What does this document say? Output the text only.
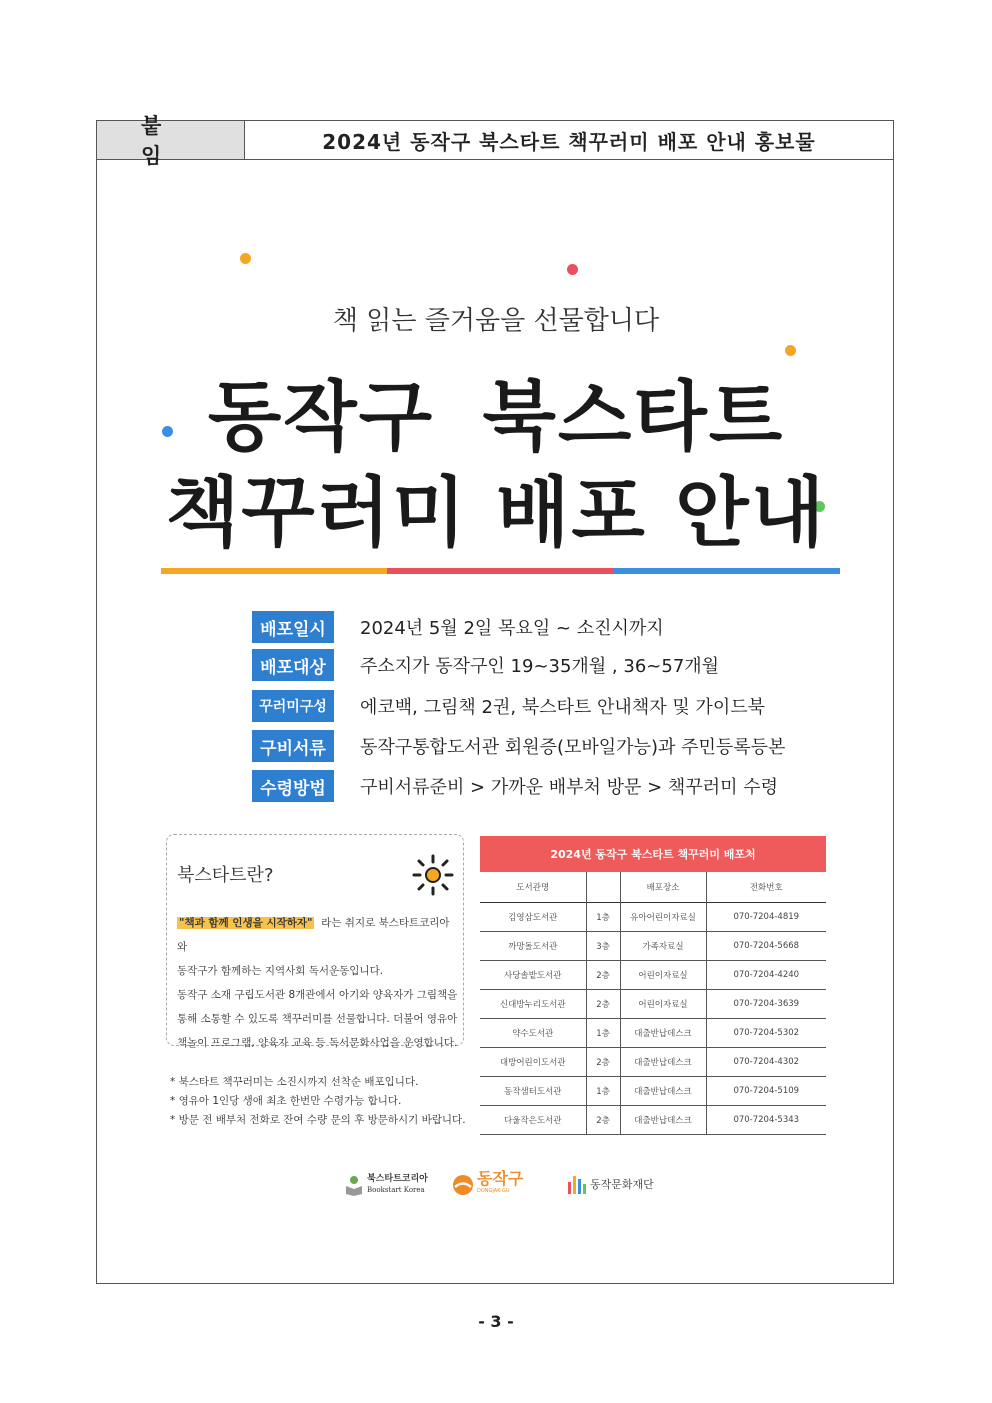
붙임
2024년 동작구 북스타트 책꾸러미 배포 안내 홍보물
책 읽는 즐거움을 선물합니다
동작구 북스타트
책꾸러미 배포 안내
배포일시	2024년 5월 2일 목요일 ~ 소진시까지
배포대상	주소지가 동작구인 19~35개월 , 36~57개월
꾸러미구성	에코백, 그림책 2권, 북스타트 안내책자 및 가이드북
구비서류	동작구통합도서관 회원증(모바일가능)과 주민등록등본
수령방법	구비서류준비 > 가까운 배부처 방문 > 책꾸러미 수령
북스타트란?
"책과 함께 인생을 시작하자" 라는 취지로 북스타트코리아와
동작구가 함께하는 지역사회 독서운동입니다.
동작구 소재 구립도서관 8개관에서 아기와 양육자가 그림책을
통해 소통할 수 있도록 책꾸러미를 선물합니다. 더불어 영유아
책놀이 프로그램, 양육자 교육 등 독서문화사업을 운영합니다.
* 북스타트 책꾸러미는 소진시까지 선착순 배포입니다.
* 영유아 1인당 생애 최초 한번만 수령가능 합니다.
* 방문 전 배부처 전화로 잔여 수량 문의 후 방문하시기 바랍니다.
2024년 동작구 북스타트 책꾸러미 배포처
도서관명		배포장소	전화번호
김영삼도서관	1층	유아어린이자료실	070-7204-4819
까망돌도서관	3층	가족자료실	070-7204-5668
사당솔밭도서관	2층	어린이자료실	070-7204-4240
신대방누리도서관	2층	어린이자료실	070-7204-3639
약수도서관	1층	대출반납데스크	070-7204-5302
대방어린이도서관	2층	대출반납데스크	070-7204-4302
동작샘터도서관	1층	대출반납데스크	070-7204-5109
다울작은도서관	2층	대출반납데스크	070-7204-5343
북스타트코리아
Bookstart Korea
동작구
DONGJAK-GU	동작문화재단
- 3 -
